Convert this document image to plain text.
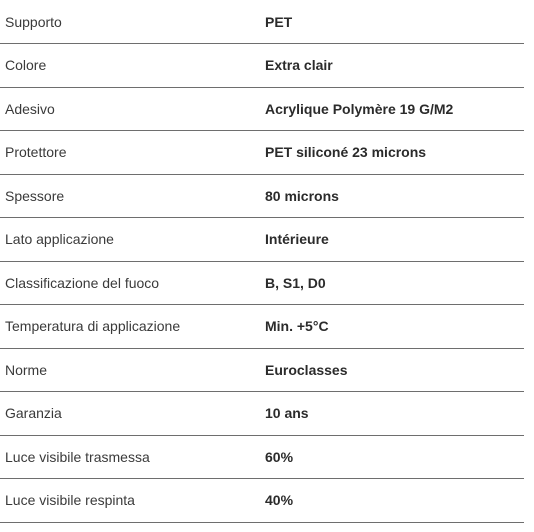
Supporto	PET
Colore	Extra clair
Adesivo	Acrylique Polymère 19 G/M2
Protettore	PET siliconé 23 microns
Spessore	80 microns
Lato applicazione	Intérieure
Classificazione del fuoco	B, S1, D0
Temperatura di applicazione	Min. +5°C
Norme	Euroclasses
Garanzia	10 ans
Luce visibile trasmessa	60%
Luce visibile respinta	40%
